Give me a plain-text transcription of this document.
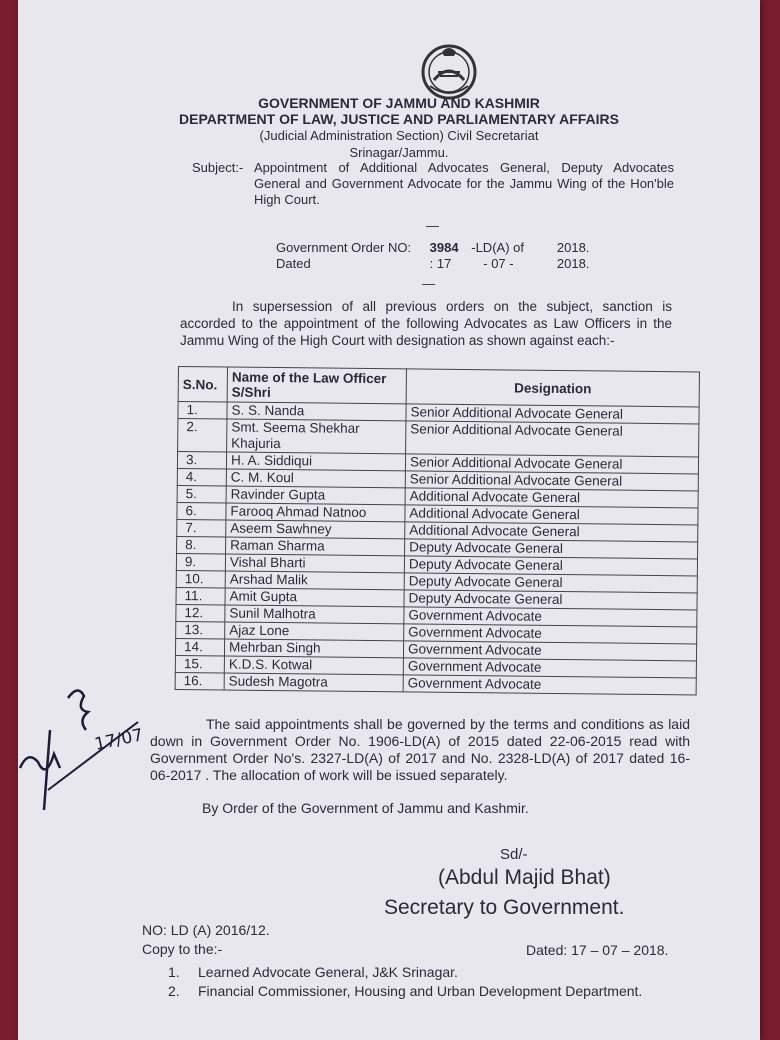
GOVERNMENT OF JAMMU AND KASHMIR
DEPARTMENT OF LAW, JUSTICE AND PARLIAMENTARY AFFAIRS
(Judicial Administration Section) Civil Secretariat
Srinagar/Jammu.
Subject:- Appointment of Additional Advocates General, Deputy Advocates General and Government Advocate for the Jammu Wing of the Hon'ble High Court.
—
Government Order NO: 3984 -LD(A) of	2018.
Dated	: 17 - 07 -	2018.
—
In supersession of all previous orders on the subject, sanction is accorded to the appointment of the following Advocates as Law Officers in the Jammu Wing of the High Court with designation as shown against each:-
S.No.	Name of the Law Officer S/Shri	Designation
1.	S. S. Nanda	Senior Additional Advocate General
2.	Smt. Seema Shekhar Khajuria	Senior Additional Advocate General
3.	H. A. Siddiqui	Senior Additional Advocate General
4.	C. M. Koul	Senior Additional Advocate General
5.	Ravinder Gupta	Additional Advocate General
6.	Farooq Ahmad Natnoo	Additional Advocate General
7.	Aseem Sawhney	Additional Advocate General
8.	Raman Sharma	Deputy Advocate General
9.	Vishal Bharti	Deputy Advocate General
10.	Arshad Malik	Deputy Advocate General
11.	Amit Gupta	Deputy Advocate General
12.	Sunil Malhotra	Government Advocate
13.	Ajaz Lone	Government Advocate
14.	Mehrban Singh	Government Advocate
15.	K.D.S. Kotwal	Government Advocate
16.	Sudesh Magotra	Government Advocate
The said appointments shall be governed by the terms and conditions as laid down in Government Order No. 1906-LD(A) of 2015 dated 22-06-2015 read with Government Order No's. 2327-LD(A) of 2017 and No. 2328-LD(A) of 2017 dated 16-06-2017 . The allocation of work will be issued separately.
By Order of the Government of Jammu and Kashmir.
Sd/-
(Abdul Majid Bhat)
Secretary to Government.
NO: LD (A) 2016/12.
Copy to the:-	Dated: 17 – 07 – 2018.
1. Learned Advocate General, J&K Srinagar.
2. Financial Commissioner, Housing and Urban Development Department.
17/07
